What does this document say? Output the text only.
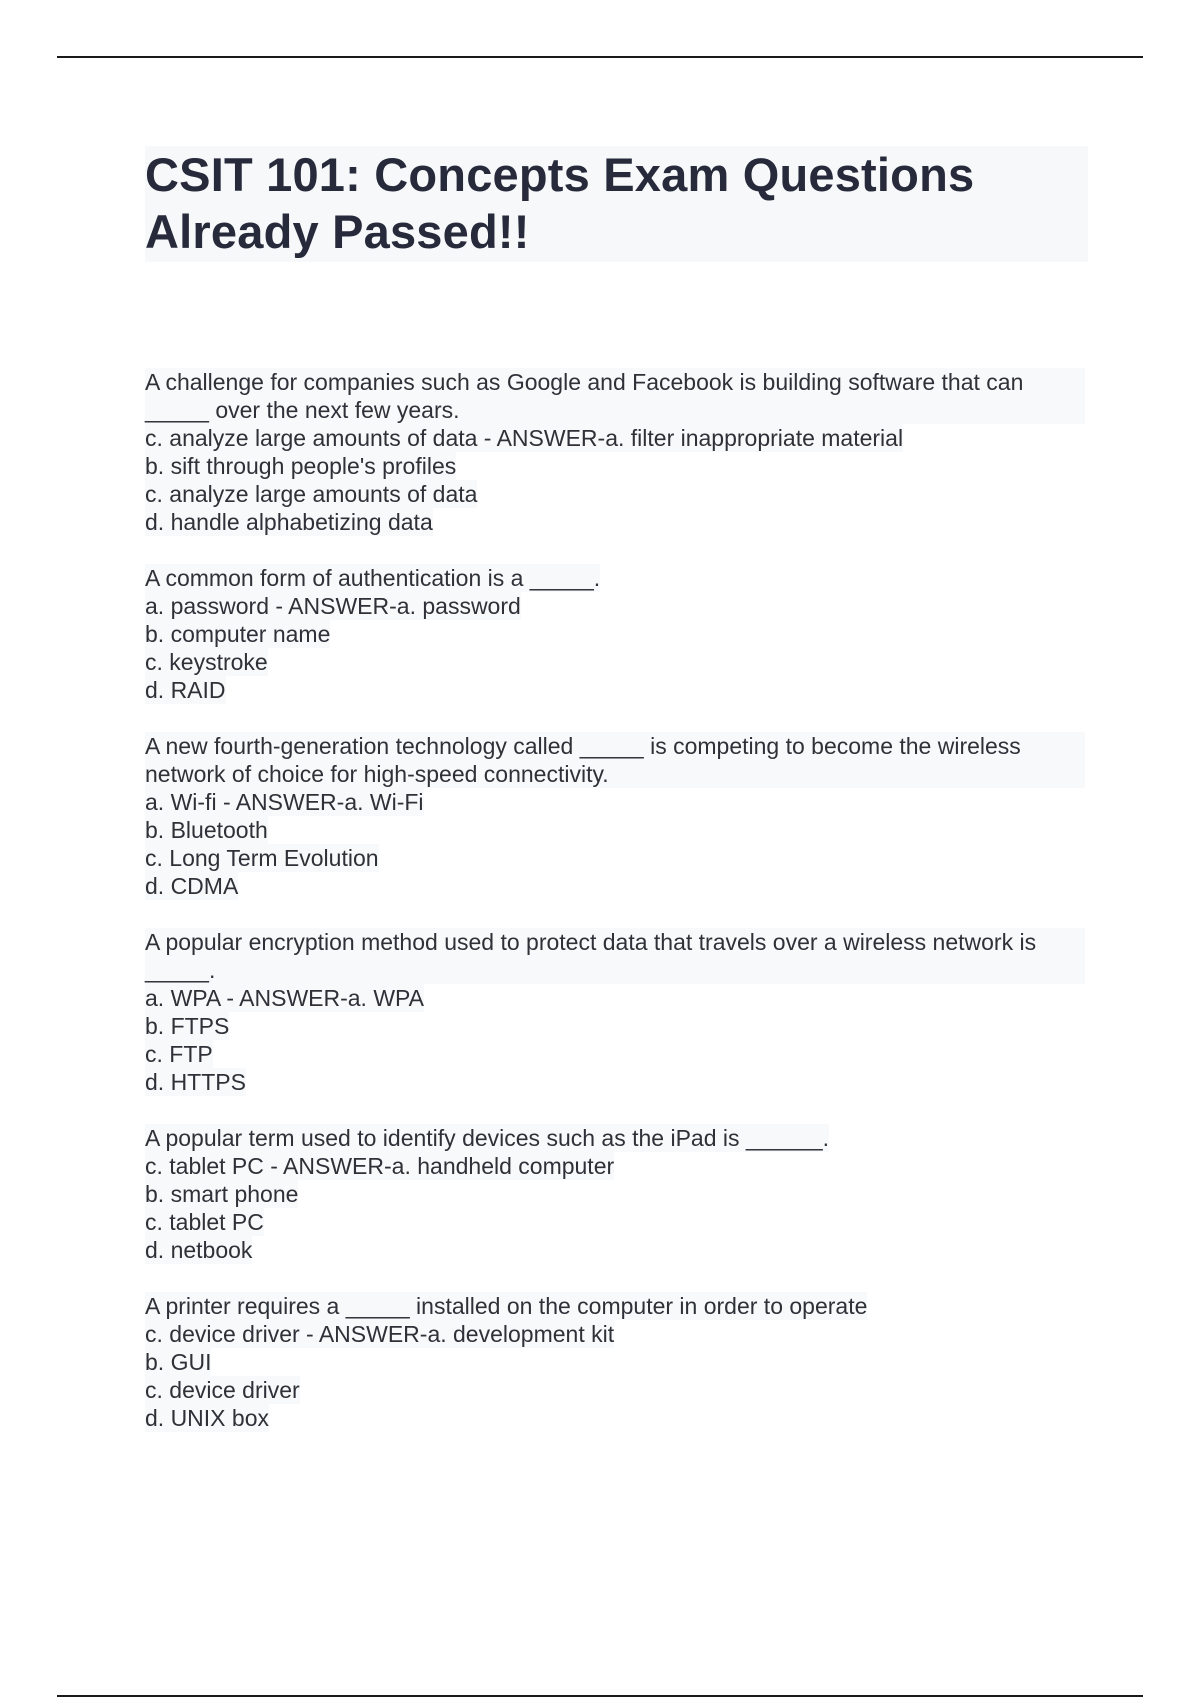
CSIT 101: Concepts Exam Questions Already Passed!!
A challenge for companies such as Google and Facebook is building software that can _____ over the next few years.
c. analyze large amounts of data - ANSWER-a. filter inappropriate material
b. sift through people's profiles
c. analyze large amounts of data
d. handle alphabetizing data
A common form of authentication is a _____.
a. password - ANSWER-a. password
b. computer name
c. keystroke
d. RAID
A new fourth-generation technology called _____ is competing to become the wireless network of choice for high-speed connectivity.
a. Wi-fi - ANSWER-a. Wi-Fi
b. Bluetooth
c. Long Term Evolution
d. CDMA
A popular encryption method used to protect data that travels over a wireless network is _____.
a. WPA - ANSWER-a. WPA
b. FTPS
c. FTP
d. HTTPS
A popular term used to identify devices such as the iPad is ______.
c. tablet PC - ANSWER-a. handheld computer
b. smart phone
c. tablet PC
d. netbook
A printer requires a _____ installed on the computer in order to operate
c. device driver - ANSWER-a. development kit
b. GUI
c. device driver
d. UNIX box
